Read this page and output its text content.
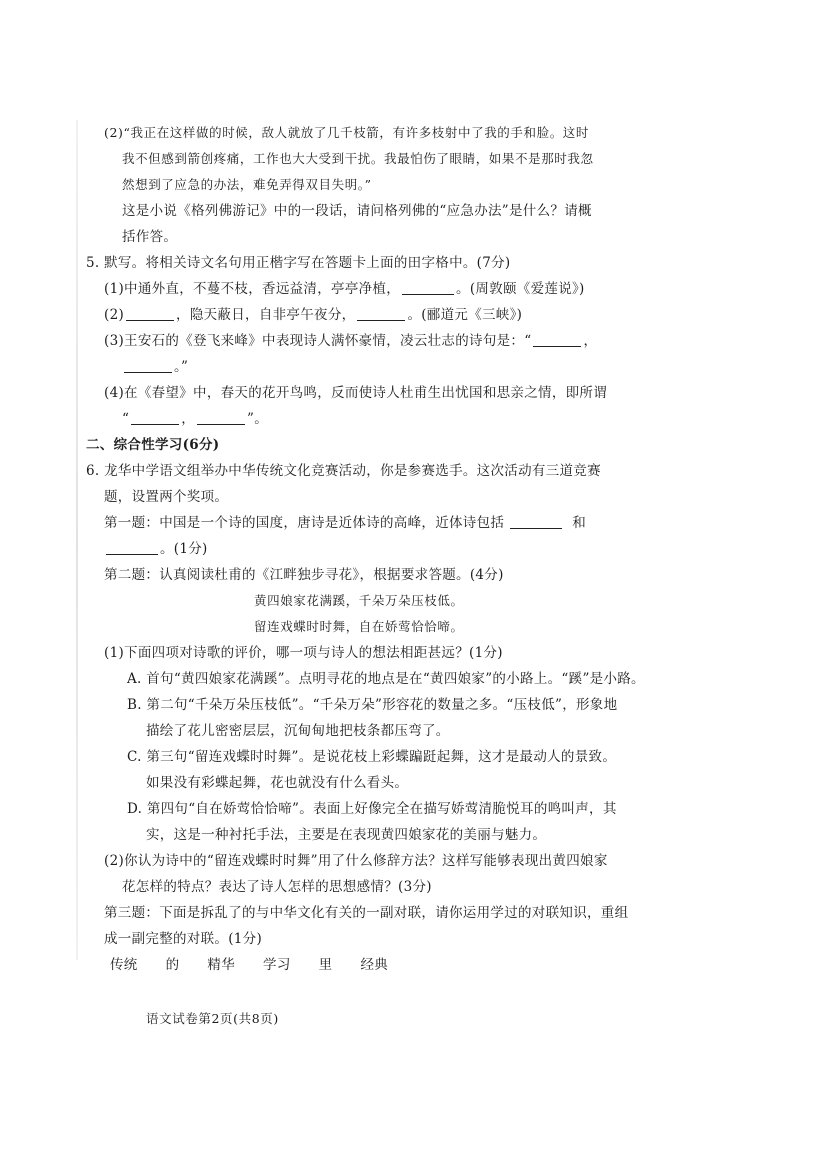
(2)“我正在这样做的时候，敌人就放了几千枝箭，有许多枝射中了我的手和脸。这时
我不但感到箭创疼痛，工作也大大受到干扰。我最怕伤了眼睛，如果不是那时我忽
然想到了应急的办法，难免弄得双目失明。”
这是小说《格列佛游记》中的一段话，请问格列佛的“应急办法”是什么？请概
括作答。
5. 默写。将相关诗文名句用正楷字写在答题卡上面的田字格中。(7分)
(1)中通外直，不蔓不枝，香远益清，亭亭净植，	。(周敦颐《爱莲说》)
(2)	，隐天蔽日，自非亭午夜分，	。(郦道元《三峡》)
(3)王安石的《登飞来峰》中表现诗人满怀豪情，凌云壮志的诗句是：“	，
。”
(4)在《春望》中，春天的花开鸟鸣，反而使诗人杜甫生出忧国和思亲之情，即所谓
“	，	”。
二、综合性学习(6分)
6. 龙华中学语文组举办中华传统文化竞赛活动，你是参赛选手。这次活动有三道竞赛
题，设置两个奖项。
第一题：中国是一个诗的国度，唐诗是近体诗的高峰，近体诗包括	和
。(1分)
第二题：认真阅读杜甫的《江畔独步寻花》，根据要求答题。(4分)
黄四娘家花满蹊，千朵万朵压枝低。
留连戏蝶时时舞，自在娇莺恰恰啼。
(1)下面四项对诗歌的评价，哪一项与诗人的想法相距甚远？(1分)
A. 首句“黄四娘家花满蹊”。点明寻花的地点是在“黄四娘家”的小路上。“蹊”是小路。
B. 第二句“千朵万朵压枝低”。“千朵万朵”形容花的数量之多。“压枝低”，形象地
描绘了花儿密密层层，沉甸甸地把枝条都压弯了。
C. 第三句“留连戏蝶时时舞”。是说花枝上彩蝶蹁跹起舞，这才是最动人的景致。
如果没有彩蝶起舞，花也就没有什么看头。
D. 第四句“自在娇莺恰恰啼”。表面上好像完全在描写娇莺清脆悦耳的鸣叫声，其
实，这是一种衬托手法，主要是在表现黄四娘家花的美丽与魅力。
(2)你认为诗中的“留连戏蝶时时舞”用了什么修辞方法？这样写能够表现出黄四娘家
花怎样的特点？表达了诗人怎样的思想感情？(3分)
第三题：下面是拆乱了的与中华文化有关的一副对联，请你运用学过的对联知识，重组
成一副完整的对联。(1分)
传统 的 精华 学习 里 经典
语文试卷第2页(共8页)
